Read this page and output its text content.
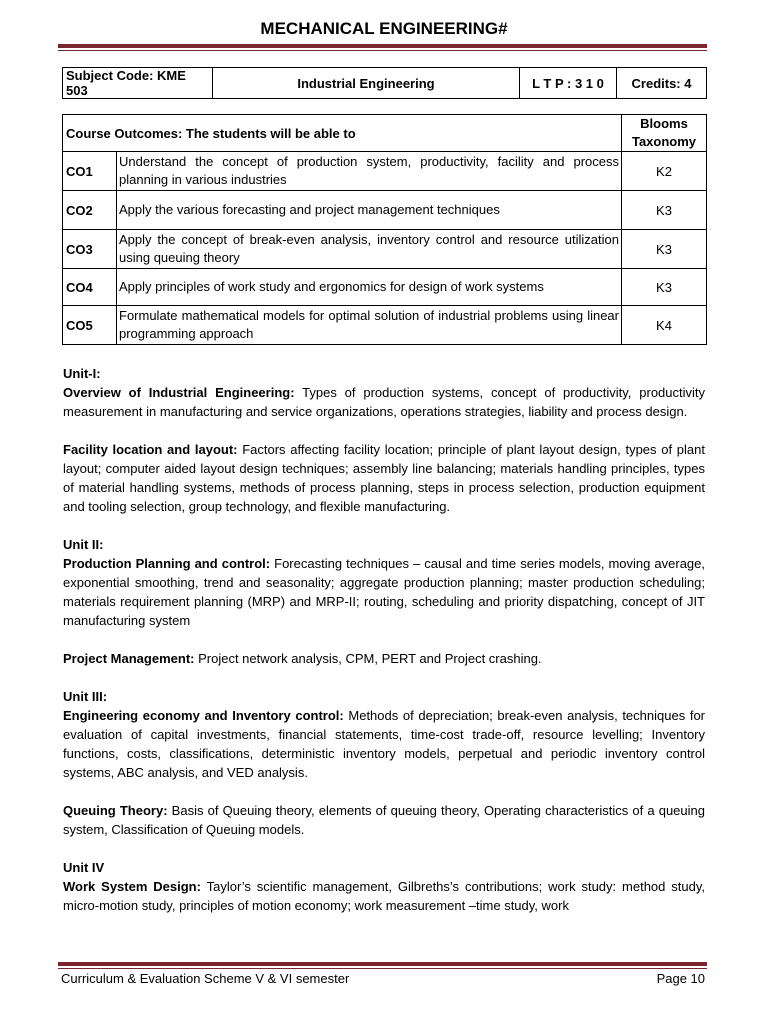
MECHANICAL ENGINEERING#
Subject Code: KME 503	Industrial Engineering	L T P : 3 1 0	Credits: 4
Course Outcomes: The students will be able to		Blooms Taxonomy
CO1	Understand the concept of production system, productivity, facility and process planning in various industries	K2
CO2	Apply the various forecasting and project management techniques	K3
CO3	Apply the concept of break-even analysis, inventory control and resource utilization using queuing theory	K3
CO4	Apply principles of work study and ergonomics for design of work systems	K3
CO5	Formulate mathematical models for optimal solution of industrial problems using linear programming approach	K4

Unit-I:
Overview of Industrial Engineering: Types of production systems, concept of productivity, productivity measurement in manufacturing and service organizations, operations strategies, liability and process design.

Facility location and layout: Factors affecting facility location; principle of plant layout design, types of plant layout; computer aided layout design techniques; assembly line balancing; materials handling principles, types of material handling systems, methods of process planning, steps in process selection, production equipment and tooling selection, group technology, and flexible manufacturing.

Unit II:
Production Planning and control: Forecasting techniques – causal and time series models, moving average, exponential smoothing, trend and seasonality; aggregate production planning; master production scheduling; materials requirement planning (MRP) and MRP-II; routing, scheduling and priority dispatching, concept of JIT manufacturing system

Project Management: Project network analysis, CPM, PERT and Project crashing.

Unit III:
Engineering economy and Inventory control: Methods of depreciation; break-even analysis, techniques for evaluation of capital investments, financial statements, time-cost trade-off, resource levelling; Inventory functions, costs, classifications, deterministic inventory models, perpetual and periodic inventory control systems, ABC analysis, and VED analysis.

Queuing Theory: Basis of Queuing theory, elements of queuing theory, Operating characteristics of a queuing system, Classification of Queuing models.

Unit IV
Work System Design: Taylor’s scientific management, Gilbreths’s contributions; work study: method study, micro-motion study, principles of motion economy; work measurement –time study, work

Curriculum & Evaluation Scheme V & VI semester	Page 10
